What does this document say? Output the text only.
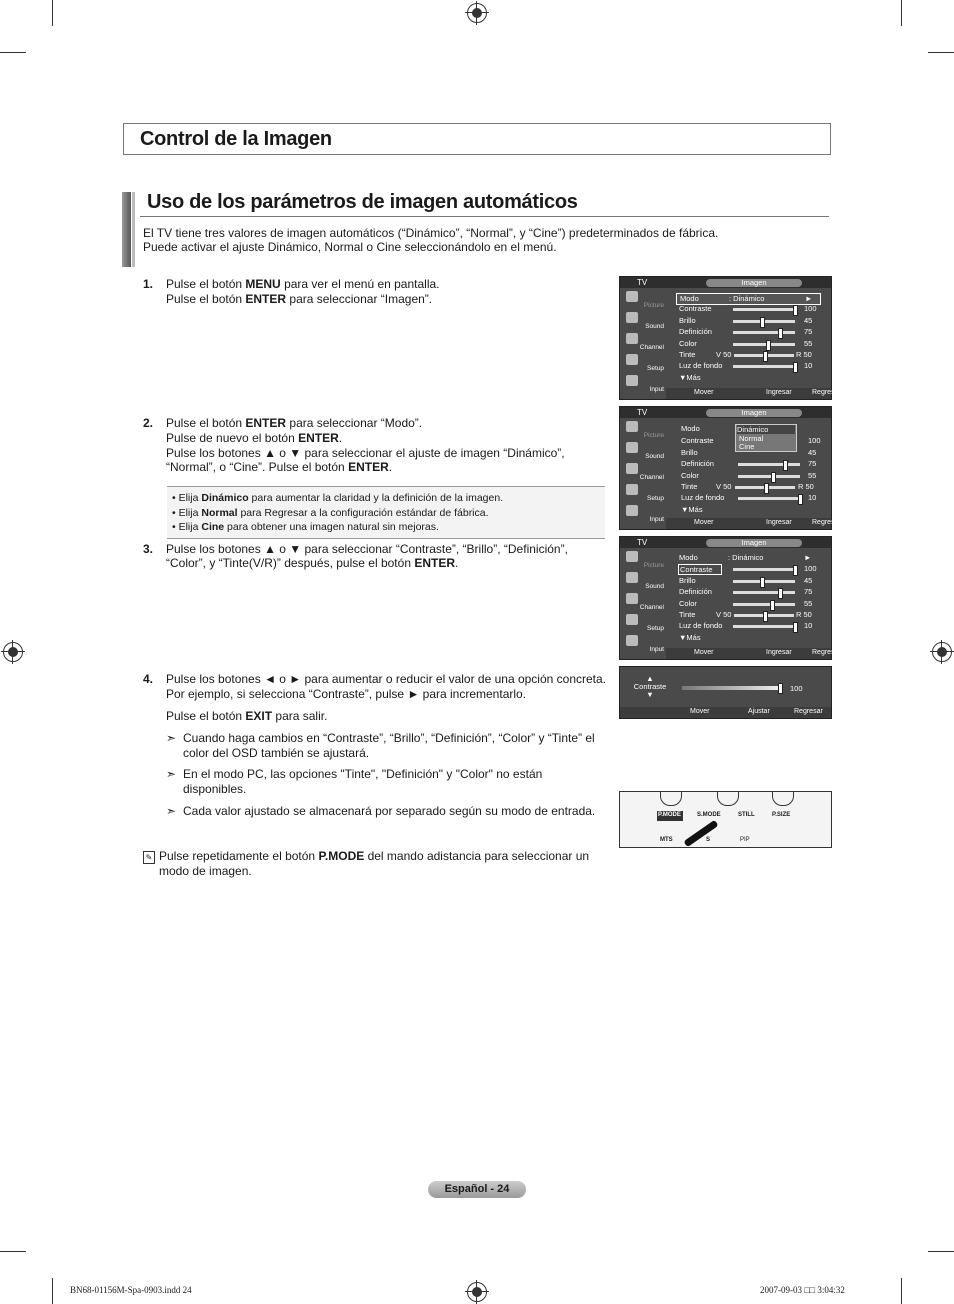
Control de la Imagen
Uso de los parámetros de imagen automáticos
El TV tiene tres valores de imagen automáticos (“Dinámico”, “Normal”, y “Cine”) predeterminados de fábrica.
Puede activar el ajuste Dinámico, Normal o Cine seleccionándolo en el menú.
1. Pulse el botón MENU para ver el menú en pantalla.
Pulse el botón ENTER para seleccionar “Imagen”.
2. Pulse el botón ENTER para seleccionar “Modo”.
Pulse de nuevo el botón ENTER.
Pulse los botones ▲ o ▼ para seleccionar el ajuste de imagen “Dinámico”,
“Normal”, o “Cine”. Pulse el botón ENTER.
• Elija Dinámico para aumentar la claridad y la definición de la imagen.
• Elija Normal para Regresar a la configuración estándar de fábrica.
• Elija Cine para obtener una imagen natural sin mejoras.
3. Pulse los botones ▲ o ▼ para seleccionar “Contraste”, “Brillo”, “Definición”,
“Color”, y “Tinte(V/R)” después, pulse el botón ENTER.
4. Pulse los botones ◄ o ► para aumentar o reducir el valor de una opción concreta.
Por ejemplo, si selecciona “Contraste”, pulse ► para incrementarlo.
Pulse el botón EXIT para salir.
➣ Cuando haga cambios en “Contraste”, “Brillo”, “Definición”, “Color” y “Tinte” el
color del OSD también se ajustará.
➣ En el modo PC, las opciones "Tinte", "Definición" y "Color" no están
disponibles.
➣ Cada valor ajustado se almacenará por separado según su modo de entrada.
✎ Pulse repetidamente el botón P.MODE del mando adistancia para seleccionar un
modo de imagen.
TV	Imagen
Picture
Sound
Channel
Setup
Input
Modo	: Dinámico	►
Contraste	100
Brillo	45
Definición	75
Color	55
Tinte	V 50	R 50
Luz de fondo	10
▼Más
Mover	Ingresar	Regresar
TV	Imagen
Picture
Sound
Channel
Setup
Input
Modo
Contraste	100
Brillo	45
Definición	75
Color	55
Tinte V 50	R 50
Luz de fondo	10
▼Más
Dinámico
Normal
Cine
Mover	Ingresar	Regresar
TV	Imagen
Picture
Sound
Channel
Setup
Input
Modo	: Dinámico	►
Contraste	100
Brillo	45
Definición	75
Color	55
Tinte	V 50	R 50
Luz de fondo	10
▼Más
Mover	Ingresar	Regresar
▲
Contraste
▼
100
Mover	Ajustar	Regresar
P.MODE	S.MODE	STILL	P.SIZE
MTS	S	PIP
Español - 24
BN68-01156M-Spa-0903.indd 24	2007-09-03 □□ 3:04:32
